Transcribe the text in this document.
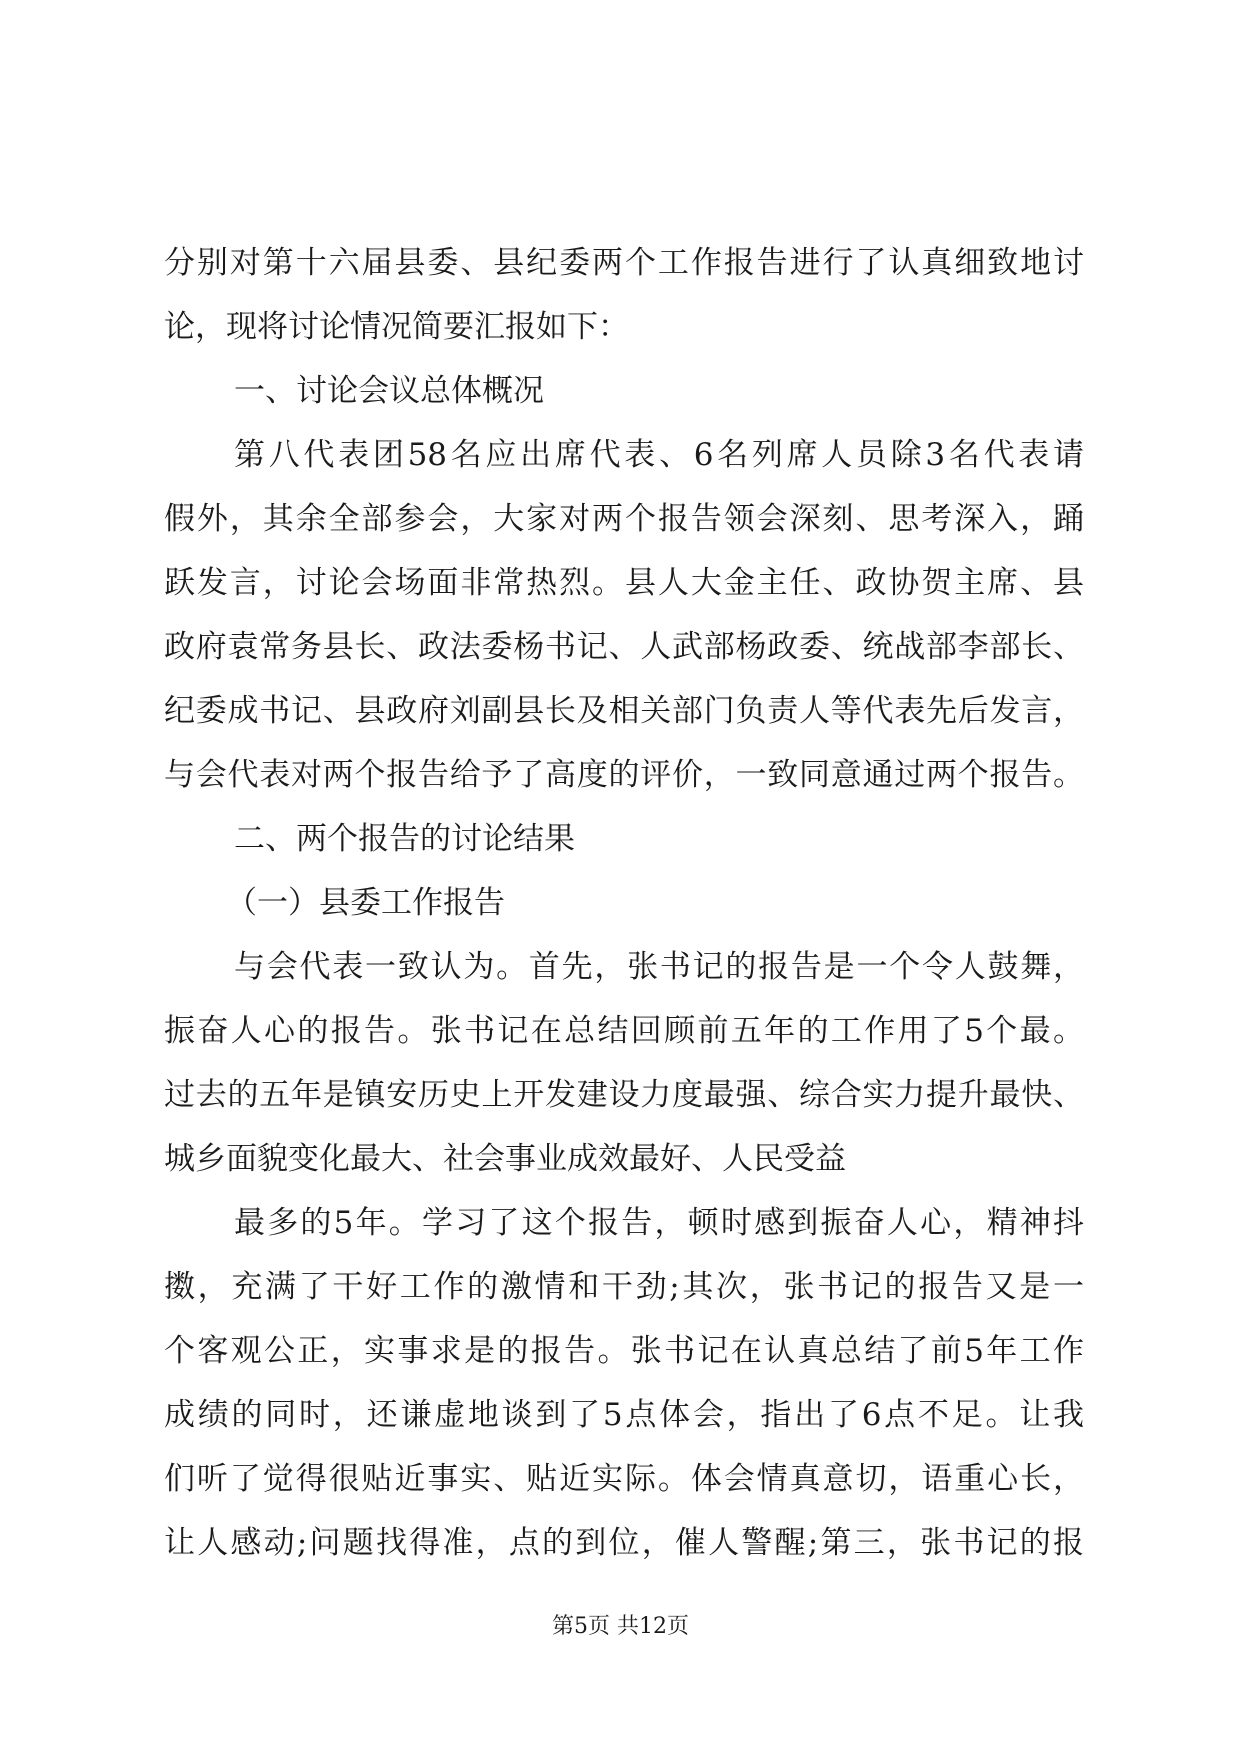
分别对第十六届县委、县纪委两个工作报告进行了认真细致地讨
论，现将讨论情况简要汇报如下：
一、讨论会议总体概况
第八代表团58名应出席代表、6名列席人员除3名代表请
假外，其余全部参会，大家对两个报告领会深刻、思考深入，踊
跃发言，讨论会场面非常热烈。县人大金主任、政协贺主席、县
政府袁常务县长、政法委杨书记、人武部杨政委、统战部李部长、
纪委成书记、县政府刘副县长及相关部门负责人等代表先后发言，
与会代表对两个报告给予了高度的评价，一致同意通过两个报告。
二、两个报告的讨论结果
（一）县委工作报告
与会代表一致认为。首先，张书记的报告是一个令人鼓舞，
振奋人心的报告。张书记在总结回顾前五年的工作用了5个最。
过去的五年是镇安历史上开发建设力度最强、综合实力提升最快、
城乡面貌变化最大、社会事业成效最好、人民受益
最多的5年。学习了这个报告，顿时感到振奋人心，精神抖
擞，充满了干好工作的激情和干劲;其次，张书记的报告又是一
个客观公正，实事求是的报告。张书记在认真总结了前5年工作
成绩的同时，还谦虚地谈到了5点体会，指出了6点不足。让我
们听了觉得很贴近事实、贴近实际。体会情真意切，语重心长，
让人感动;问题找得准，点的到位，催人警醒;第三，张书记的报
第5页 共12页
